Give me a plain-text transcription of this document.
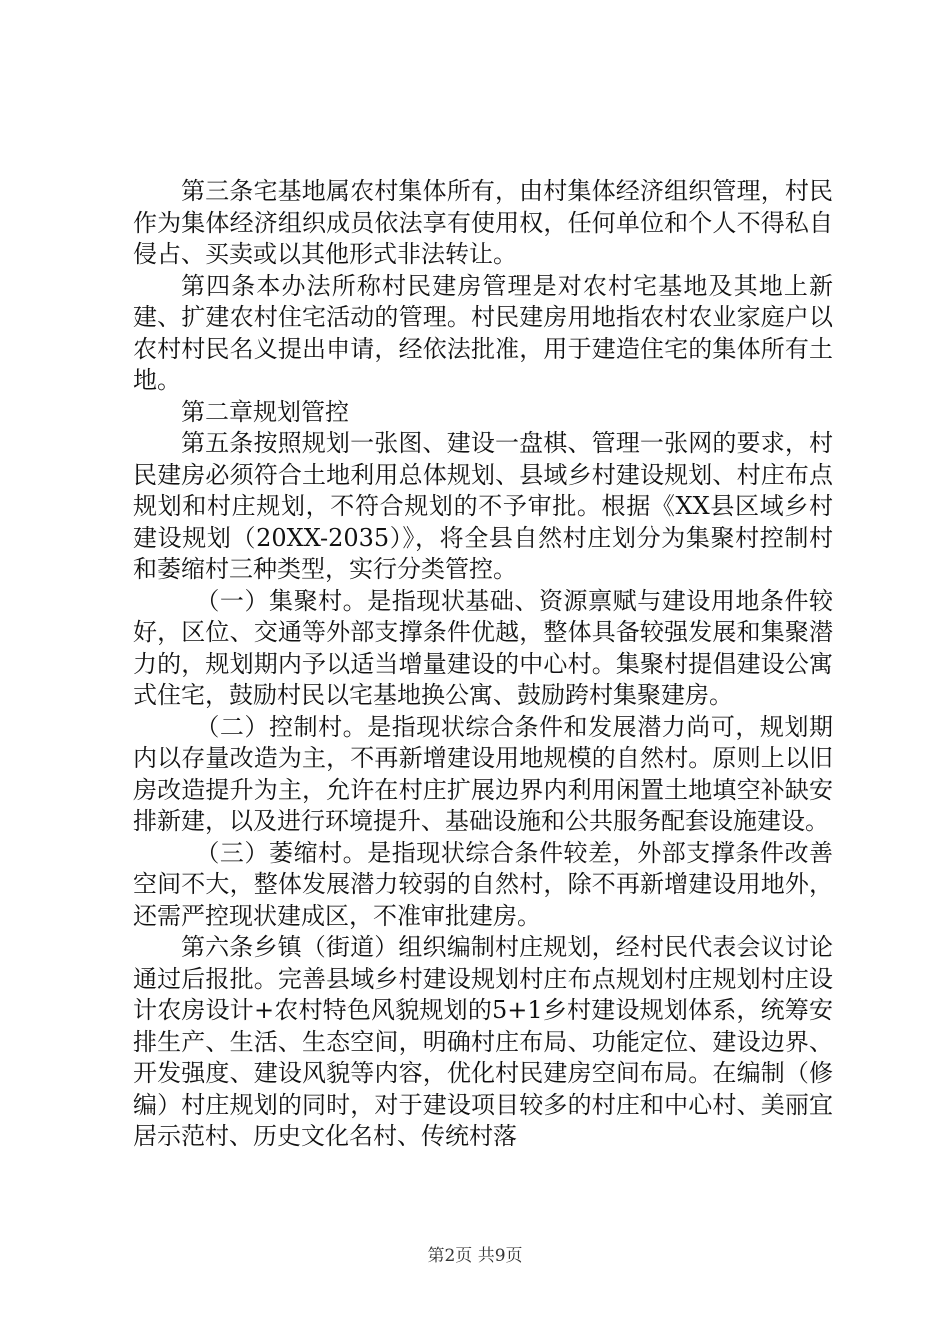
第三条宅基地属农村集体所有，由村集体经济组织管理，村民作为集体经济组织成员依法享有使用权，任何单位和个人不得私自侵占、买卖或以其他形式非法转让。

第四条本办法所称村民建房管理是对农村宅基地及其地上新建、扩建农村住宅活动的管理。村民建房用地指农村农业家庭户以农村村民名义提出申请，经依法批准，用于建造住宅的集体所有土地。

第二章规划管控

第五条按照规划一张图、建设一盘棋、管理一张网的要求，村民建房必须符合土地利用总体规划、县域乡村建设规划、村庄布点规划和村庄规划，不符合规划的不予审批。根据《XX县区域乡村建设规划（20XX-2035）》，将全县自然村庄划分为集聚村控制村和萎缩村三种类型，实行分类管控。

（一）集聚村。是指现状基础、资源禀赋与建设用地条件较好，区位、交通等外部支撑条件优越，整体具备较强发展和集聚潜力的，规划期内予以适当增量建设的中心村。集聚村提倡建设公寓式住宅，鼓励村民以宅基地换公寓、鼓励跨村集聚建房。

（二）控制村。是指现状综合条件和发展潜力尚可，规划期内以存量改造为主，不再新增建设用地规模的自然村。原则上以旧房改造提升为主，允许在村庄扩展边界内利用闲置土地填空补缺安排新建，以及进行环境提升、基础设施和公共服务配套设施建设。

（三）萎缩村。是指现状综合条件较差，外部支撑条件改善空间不大，整体发展潜力较弱的自然村，除不再新增建设用地外，还需严控现状建成区，不准审批建房。

第六条乡镇（街道）组织编制村庄规划，经村民代表会议讨论通过后报批。完善县域乡村建设规划村庄布点规划村庄规划村庄设计农房设计+农村特色风貌规划的5+1乡村建设规划体系，统筹安排生产、生活、生态空间，明确村庄布局、功能定位、建设边界、开发强度、建设风貌等内容，优化村民建房空间布局。在编制（修编）村庄规划的同时，对于建设项目较多的村庄和中心村、美丽宜居示范村、历史文化名村、传统村落

第2页 共9页
